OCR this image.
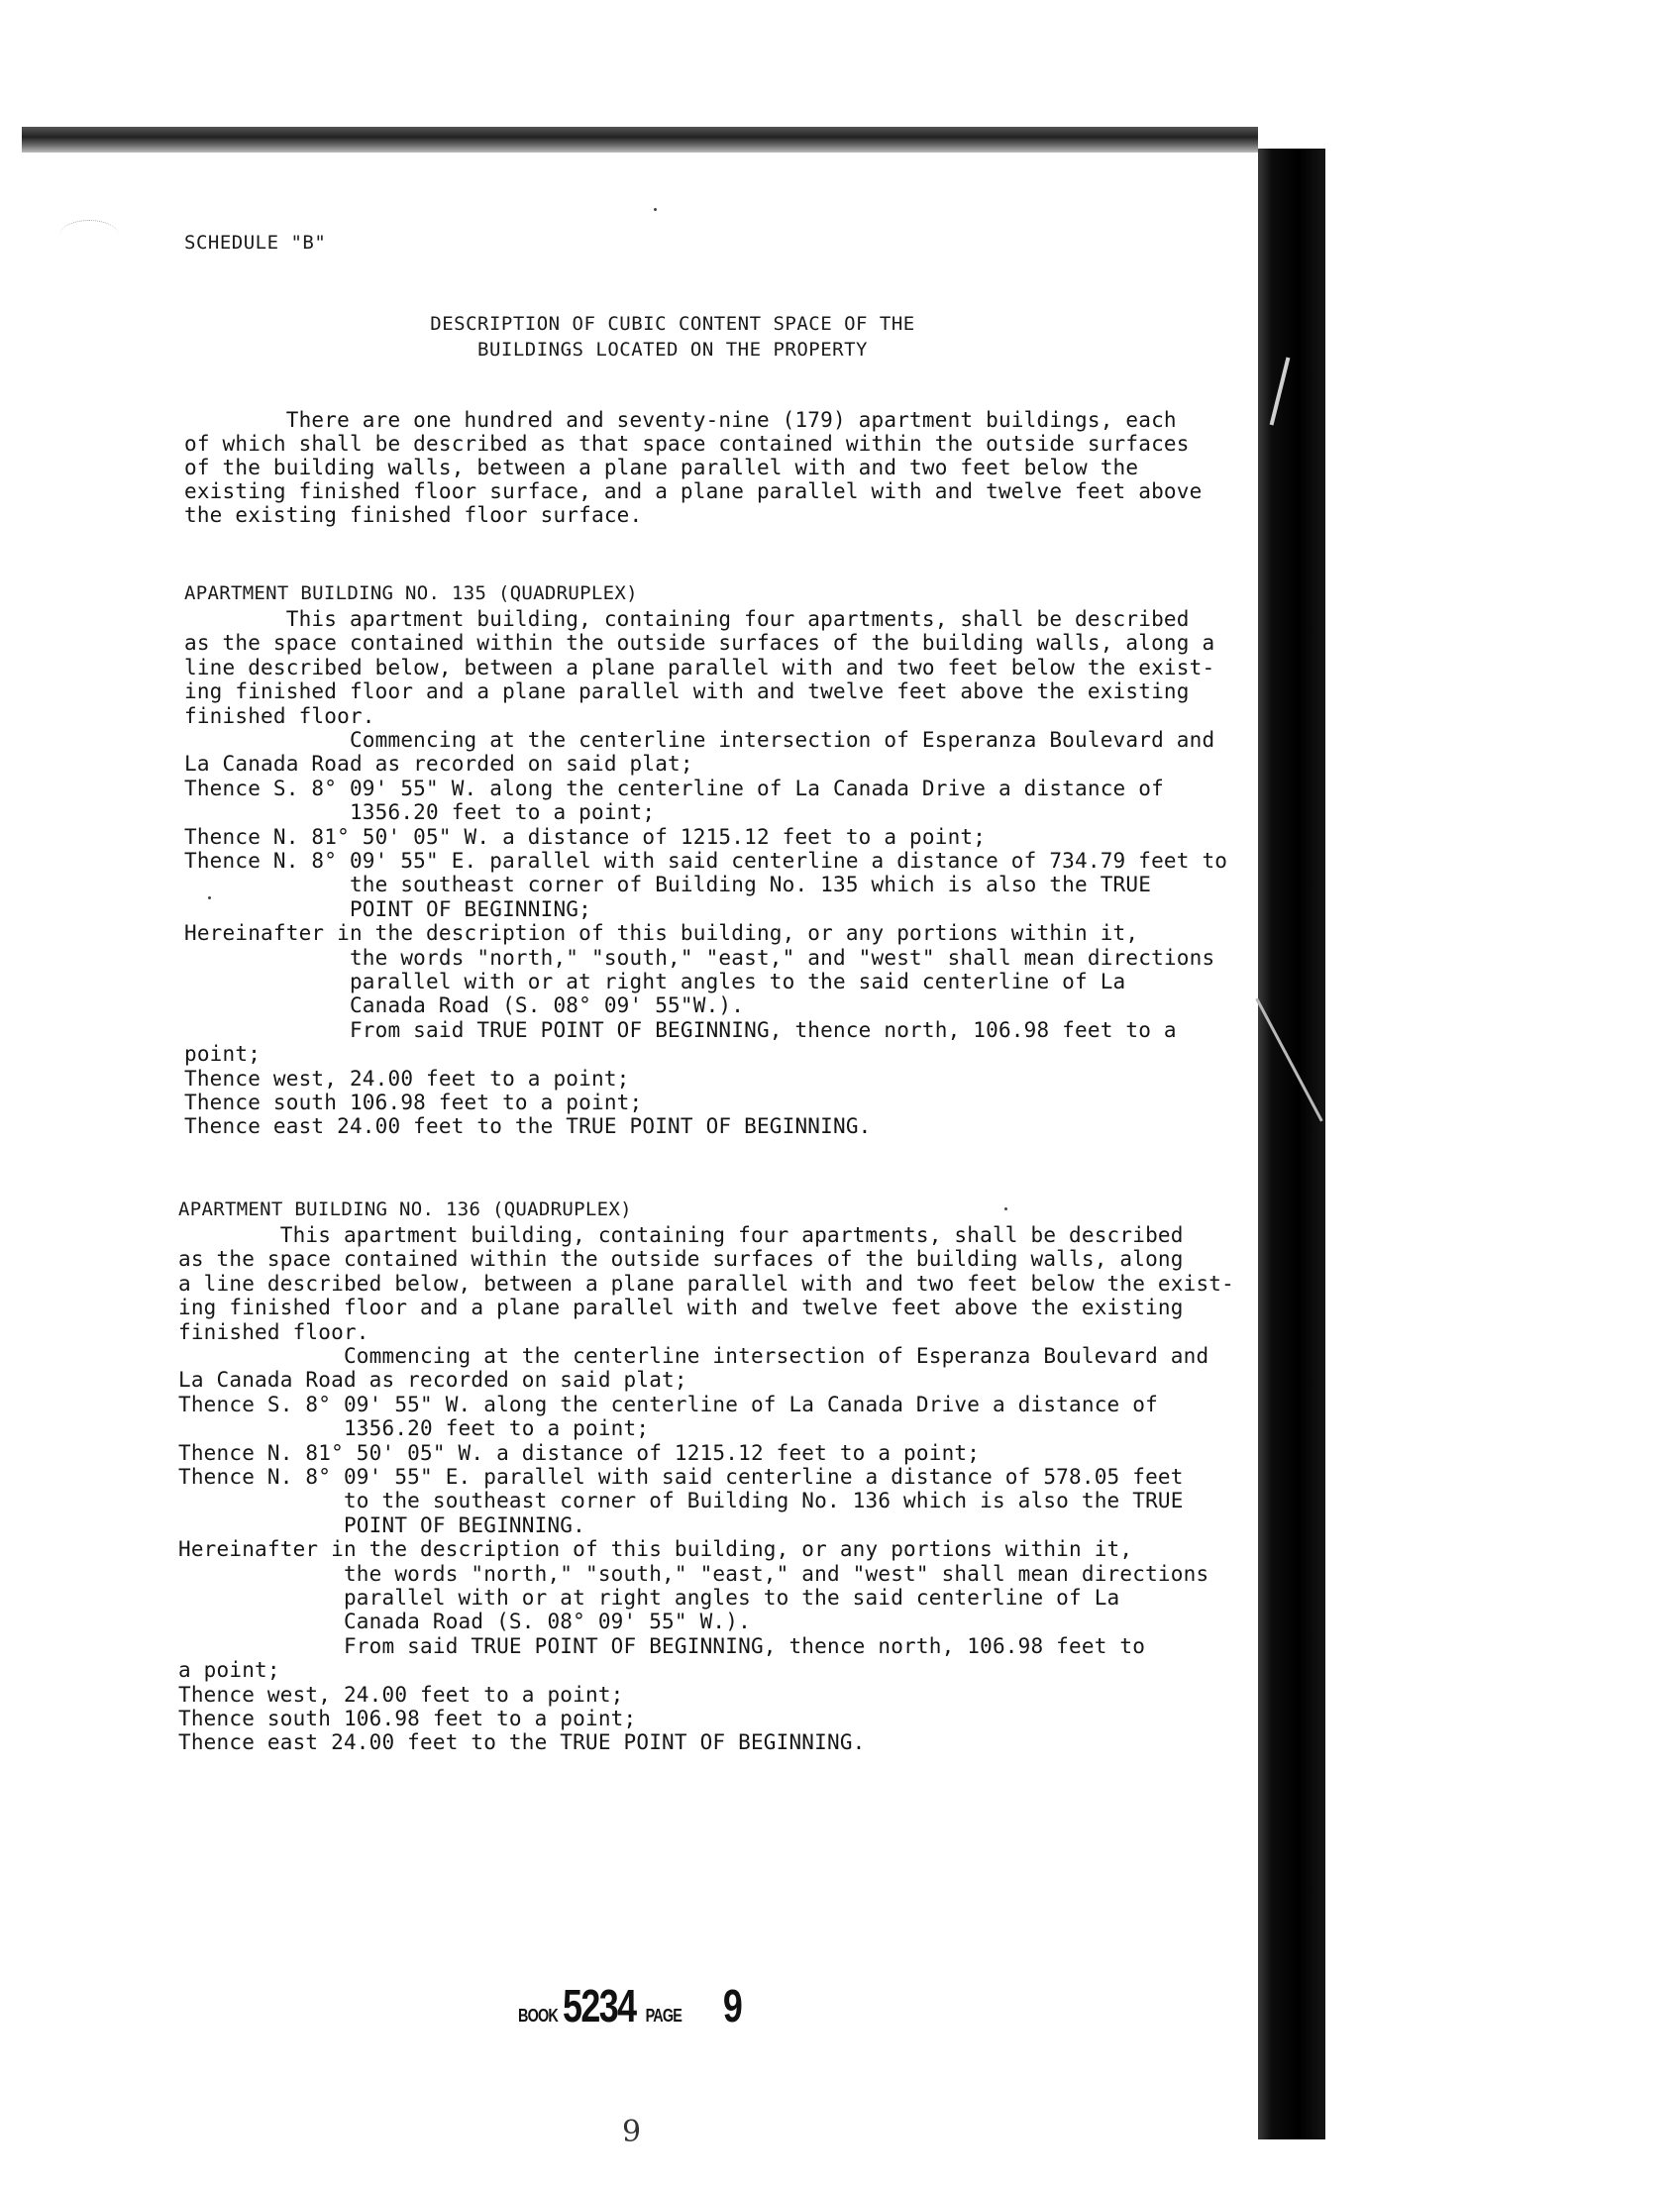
SCHEDULE "B"
DESCRIPTION OF CUBIC CONTENT SPACE OF THE
BUILDINGS LOCATED ON THE PROPERTY
There are one hundred and seventy-nine (179) apartment buildings, each
of which shall be described as that space contained within the outside surfaces
of the building walls, between a plane parallel with and two feet below the
existing finished floor surface, and a plane parallel with and twelve feet above
the existing finished floor surface.
APARTMENT BUILDING NO. 135 (QUADRUPLEX)
This apartment building, containing four apartments, shall be described
as the space contained within the outside surfaces of the building walls, along a
line described below, between a plane parallel with and two feet below the exist-
ing finished floor and a plane parallel with and twelve feet above the existing
finished floor.
Commencing at the centerline intersection of Esperanza Boulevard and
La Canada Road as recorded on said plat;
Thence S. 8° 09' 55" W. along the centerline of La Canada Drive a distance of
1356.20 feet to a point;
Thence N. 81° 50' 05" W. a distance of 1215.12 feet to a point;
Thence N. 8° 09' 55" E. parallel with said centerline a distance of 734.79 feet to
the southeast corner of Building No. 135 which is also the TRUE
POINT OF BEGINNING;
Hereinafter in the description of this building, or any portions within it,
the words "north," "south," "east," and "west" shall mean directions
parallel with or at right angles to the said centerline of La
Canada Road (S. 08° 09' 55"W.).
From said TRUE POINT OF BEGINNING, thence north, 106.98 feet to a
point;
Thence west, 24.00 feet to a point;
Thence south 106.98 feet to a point;
Thence east 24.00 feet to the TRUE POINT OF BEGINNING.
APARTMENT BUILDING NO. 136 (QUADRUPLEX)
This apartment building, containing four apartments, shall be described
as the space contained within the outside surfaces of the building walls, along
a line described below, between a plane parallel with and two feet below the exist-
ing finished floor and a plane parallel with and twelve feet above the existing
finished floor.
Commencing at the centerline intersection of Esperanza Boulevard and
La Canada Road as recorded on said plat;
Thence S. 8° 09' 55" W. along the centerline of La Canada Drive a distance of
1356.20 feet to a point;
Thence N. 81° 50' 05" W. a distance of 1215.12 feet to a point;
Thence N. 8° 09' 55" E. parallel with said centerline a distance of 578.05 feet
to the southeast corner of Building No. 136 which is also the TRUE
POINT OF BEGINNING.
Hereinafter in the description of this building, or any portions within it,
the words "north," "south," "east," and "west" shall mean directions
parallel with or at right angles to the said centerline of La
Canada Road (S. 08° 09' 55" W.).
From said TRUE POINT OF BEGINNING, thence north, 106.98 feet to
a point;
Thence west, 24.00 feet to a point;
Thence south 106.98 feet to a point;
Thence east 24.00 feet to the TRUE POINT OF BEGINNING.
BOOK 5234 PAGE 9
9
